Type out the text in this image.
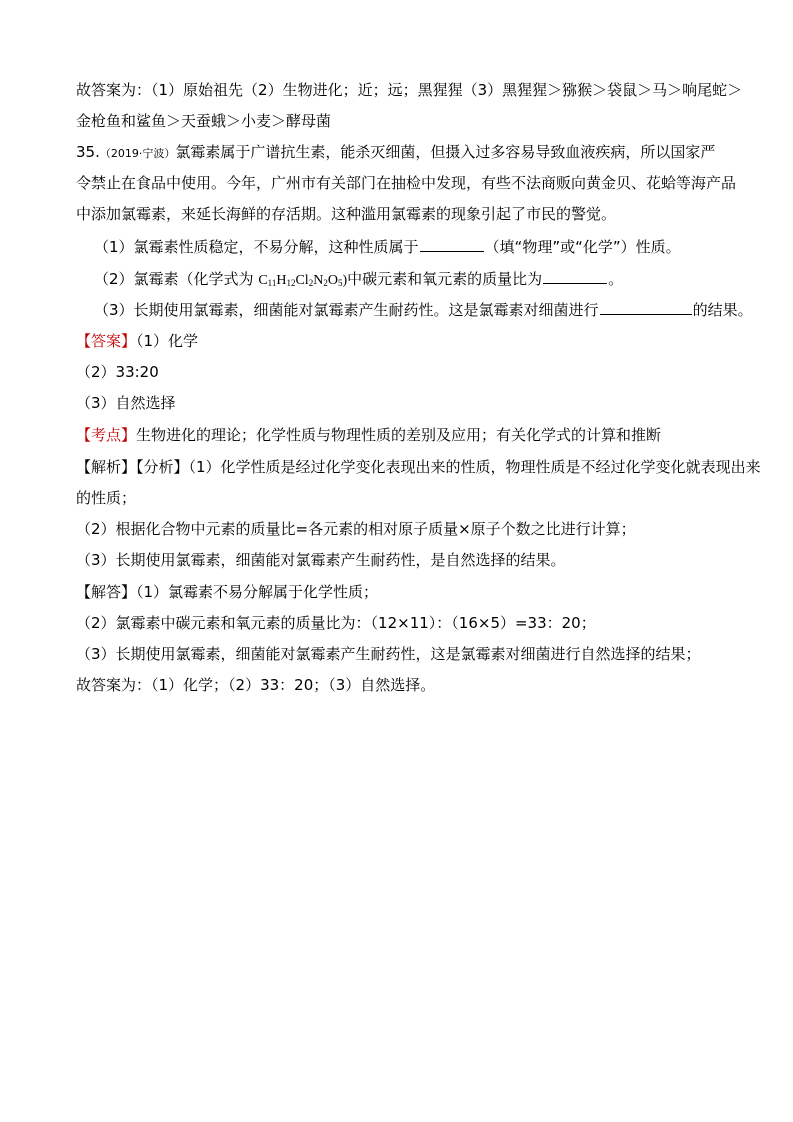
故答案为：（1）原始祖先（2）生物进化；近；远；黑猩猩（3）黑猩猩＞猕猴＞袋鼠＞马＞响尾蛇＞
金枪鱼和鲨鱼＞天蚕蛾＞小麦＞酵母菌
35.（2019·宁波）氯霉素属于广谱抗生素，能杀灭细菌，但摄入过多容易导致血液疾病，所以国家严
令禁止在食品中使用。今年，广州市有关部门在抽检中发现，有些不法商贩向黄金贝、花蛤等海产品
中添加氯霉素，来延长海鲜的存活期。这种滥用氯霉素的现象引起了市民的警觉。
（1）氯霉素性质稳定，不易分解，这种性质属于	（填“物理”或“化学”）性质。
（2）氯霉素（化学式为 $C_{11}H_{12}Cl_2N_2O_5$)中碳元素和氧元素的质量比为	。
（3）长期使用氯霉素，细菌能对氯霉素产生耐药性。这是氯霉素对细菌进行	的结果。
【答案】（1）化学
（2）33:20
（3）自然选择
【考点】生物进化的理论；化学性质与物理性质的差别及应用；有关化学式的计算和推断
【解析】【分析】（1）化学性质是经过化学变化表现出来的性质，物理性质是不经过化学变化就表现出来
的性质；
（2）根据化合物中元素的质量比=各元素的相对原子质量×原子个数之比进行计算；
（3）长期使用氯霉素，细菌能对氯霉素产生耐药性，是自然选择的结果。
【解答】（1）氯霉素不易分解属于化学性质；
（2）氯霉素中碳元素和氧元素的质量比为：（12×11）：（16×5）=33：20；
（3）长期使用氯霉素，细菌能对氯霉素产生耐药性，这是氯霉素对细菌进行自然选择的结果；
故答案为：（1）化学；（2）33：20；（3）自然选择。
